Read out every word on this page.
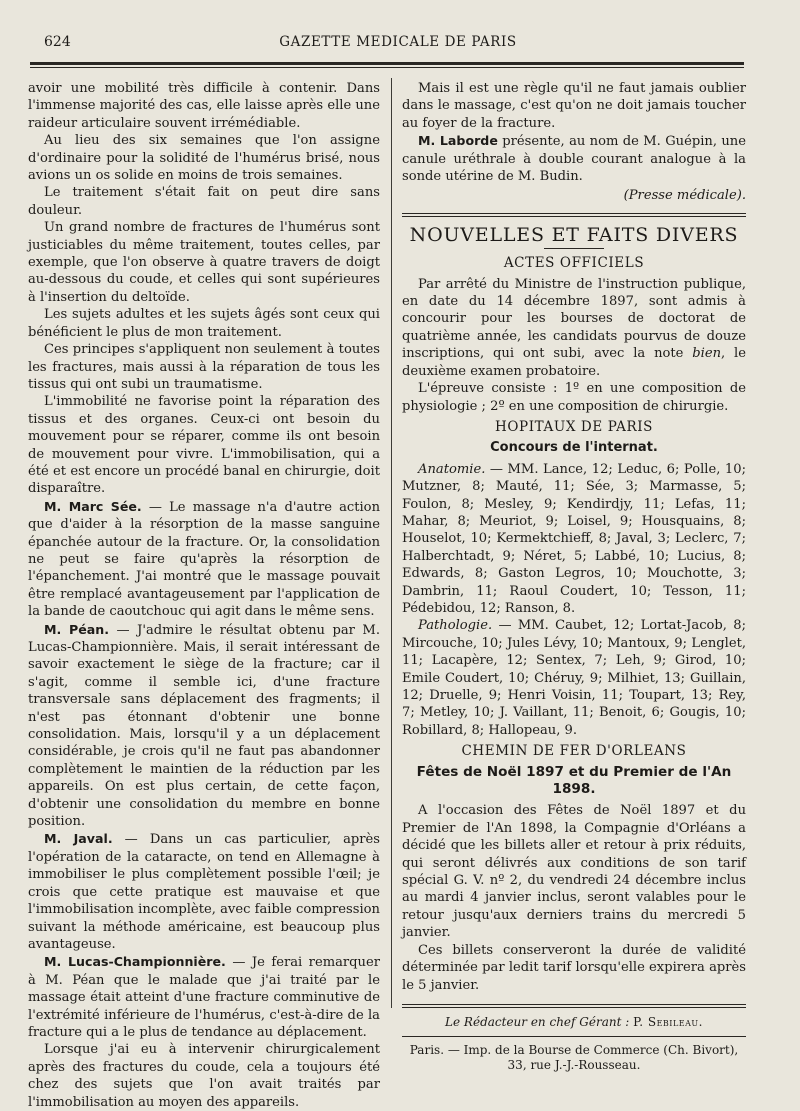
624	GAZETTE MEDICALE DE PARIS

avoir une mobilité très difficile à contenir. Dans l'immense majorité des cas, elle laisse après elle une raideur articulaire souvent irrémédiable.

Au lieu des six semaines que l'on assigne d'ordinaire pour la solidité de l'humérus brisé, nous avions un os solide en moins de trois semaines.

Le traitement s'était fait on peut dire sans douleur.

Un grand nombre de fractures de l'humérus sont justiciables du même traitement, toutes celles, par exemple, que l'on observe à quatre travers de doigt au-dessous du coude, et celles qui sont supérieures à l'insertion du deltoïde.

Les sujets adultes et les sujets âgés sont ceux qui bénéficient le plus de mon traitement.

Ces principes s'appliquent non seulement à toutes les fractures, mais aussi à la réparation de tous les tissus qui ont subi un traumatisme.

L'immobilité ne favorise point la réparation des tissus et des organes. Ceux-ci ont besoin du mouvement pour se réparer, comme ils ont besoin de mouvement pour vivre. L'immobilisation, qui a été et est encore un procédé banal en chirurgie, doit disparaître.

M. Marc Sée. — Le massage n'a d'autre action que d'aider à la résorption de la masse sanguine épanchée autour de la fracture. Or, la consolidation ne peut se faire qu'après la résorption de l'épanchement. J'ai montré que le massage pouvait être remplacé avantageusement par l'application de la bande de caoutchouc qui agit dans le même sens.

M. Péan. — J'admire le résultat obtenu par M. Lucas-Championnière. Mais, il serait intéressant de savoir exactement le siège de la fracture; car il s'agit, comme il semble ici, d'une fracture transversale sans déplacement des fragments; il n'est pas étonnant d'obtenir une bonne consolidation. Mais, lorsqu'il y a un déplacement considérable, je crois qu'il ne faut pas abandonner complètement le maintien de la réduction par les appareils. On est plus certain, de cette façon, d'obtenir une consolidation du membre en bonne position.

M. Javal. — Dans un cas particulier, après l'opération de la cataracte, on tend en Allemagne à immobiliser le plus complètement possible l'œil; je crois que cette pratique est mauvaise et que l'immobilisation incomplète, avec faible compression suivant la méthode américaine, est beaucoup plus avantageuse.

M. Lucas-Championnière. — Je ferai remarquer à M. Péan que le malade que j'ai traité par le massage était atteint d'une fracture comminutive de l'extrémité inférieure de l'humérus, c'est-à-dire de la fracture qui a le plus de tendance au déplacement.

Lorsque j'ai eu à intervenir chirurgicalement après des fractures du coude, cela a toujours été chez des sujets que l'on avait traités par l'immobilisation au moyen des appareils.

Mais il est une règle qu'il ne faut jamais oublier dans le massage, c'est qu'on ne doit jamais toucher au foyer de la fracture.

M. Laborde présente, au nom de M. Guépin, une canule uréthrale à double courant analogue à la sonde utérine de M. Budin.

(Presse médicale).
NOUVELLES ET FAITS DIVERS
ACTES OFFICIELS

Par arrêté du Ministre de l'instruction publique, en date du 14 décembre 1897, sont admis à concourir pour les bourses de doctorat de quatrième année, les candidats pourvus de douze inscriptions, qui ont subi, avec la note bien, le deuxième examen probatoire.

L'épreuve consiste : 1º en une composition de physiologie ; 2º en une composition de chirurgie.

HOPITAUX DE PARIS
Concours de l'internat.

Anatomie. — MM. Lance, 12; Leduc, 6; Polle, 10; Mutzner, 8; Mauté, 11; Sée, 3; Marmasse, 5; Foulon, 8; Mesley, 9; Kendirdjy, 11; Lefas, 11; Mahar, 8; Meuriot, 9; Loisel, 9; Housquains, 8; Houselot, 10; Kermektchieff, 8; Javal, 3; Leclerc, 7; Halberchtadt, 9; Néret, 5; Labbé, 10; Lucius, 8; Edwards, 8; Gaston Legros, 10; Mouchotte, 3; Dambrin, 11; Raoul Coudert, 10; Tesson, 11; Pédebidou, 12; Ranson, 8.

Pathologie. — MM. Caubet, 12; Lortat-Jacob, 8; Mircouche, 10; Jules Lévy, 10; Mantoux, 9; Lenglet, 11; Lacapère, 12; Sentex, 7; Leh, 9; Girod, 10; Emile Coudert, 10; Chéruy, 9; Milhiet, 13; Guillain, 12; Druelle, 9; Henri Voisin, 11; Toupart, 13; Rey, 7; Metley, 10; J. Vaillant, 11; Benoit, 6; Gougis, 10; Robillard, 8; Hallopeau, 9.

CHEMIN DE FER D'ORLEANS
Fêtes de Noël 1897 et du Premier de l'An 1898.

A l'occasion des Fêtes de Noël 1897 et du Premier de l'An 1898, la Compagnie d'Orléans a décidé que les billets aller et retour à prix réduits, qui seront délivrés aux conditions de son tarif spécial G. V. nº 2, du vendredi 24 décembre inclus au mardi 4 janvier inclus, seront valables pour le retour jusqu'aux derniers trains du mercredi 5 janvier.

Ces billets conserveront la durée de validité déterminée par ledit tarif lorsqu'elle expirera après le 5 janvier.

Le Rédacteur en chef Gérant : P. Sebileau.
Paris. — Imp. de la Bourse de Commerce (Ch. Bivort),
33, rue J.-J.-Rousseau.
